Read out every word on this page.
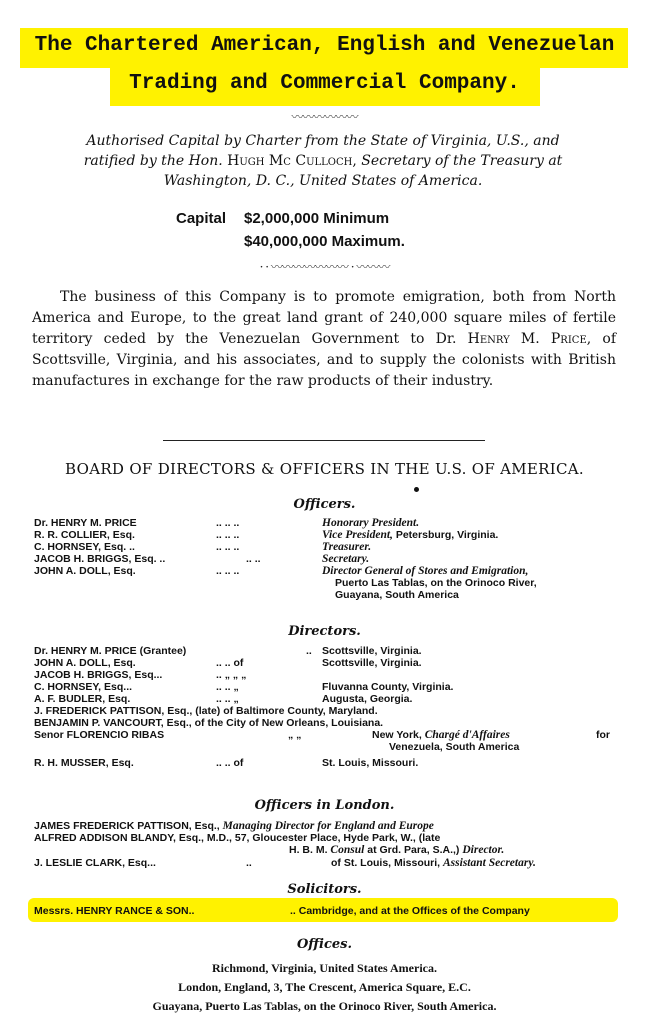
The Chartered American, English and Venezuelan
Trading and Commercial Company.
〰〰〰〰〰〰
Authorised Capital by Charter from the State of Virginia, U.S., and
ratified by the Hon. Hugh Mc Culloch, Secretary of the Treasury at
Washington, D. C., United States of America.
Capital $2,000,000 Minimum
$40,000,000 Maximum.
· · 〰〰〰〰〰〰〰 · 〰〰〰
The business of this Company is to promote emigration, both from North America and Europe, to the great land grant of 240,000 square miles of fertile territory ceded by the Venezuelan Government to Dr. Henry M. Price, of Scottsville, Virginia, and his associates, and to supply the colonists with British manufactures in exchange for the raw products of their industry.
BOARD OF DIRECTORS & OFFICERS IN THE U.S. OF AMERICA.
Officers.
Dr. HENRY M. PRICE	.. .. ..	Honorary President.
R. R. COLLIER, Esq.	.. .. ..	Vice President, Petersburg, Virginia.
C. HORNSEY, Esq. ..	.. .. ..	Treasurer.
JACOB H. BRIGGS, Esq. ..	.. ..	Secretary.
JOHN A. DOLL, Esq.	.. .. ..	Director General of Stores and Emigration,
Puerto Las Tablas, on the Orinoco River,
Guayana, South America
Directors.
Dr. HENRY M. PRICE (Grantee)	.. Scottsville, Virginia.
JOHN A. DOLL, Esq.	.. .. of	Scottsville, Virginia.
JACOB H. BRIGGS, Esq...	.. „ „ „
C. HORNSEY, Esq...	.. .. „	Fluvanna County, Virginia.
A. F. BUDLER, Esq.	.. .. „	Augusta, Georgia.
J. FREDERICK PATTISON, Esq., (late) of Baltimore County, Maryland.
BENJAMIN P. VANCOURT, Esq., of the City of New Orleans, Louisiana.
Senor FLORENCIO RIBAS	„ „	New York, Chargé d'Affaires	for
Venezuela, South America
R. H. MUSSER, Esq.	.. .. of	St. Louis, Missouri.
Officers in London.
JAMES FREDERICK PATTISON, Esq., Managing Director for England and Europe
ALFRED ADDISON BLANDY, Esq., M.D., 57, Gloucester Place, Hyde Park, W., (late
H. B. M. Consul at Grd. Para, S.A.,) Director.
J. LESLIE CLARK, Esq...	..	of St. Louis, Missouri, Assistant Secretary.
Solicitors.
Messrs. HENRY RANCE & SON..	.. Cambridge, and at the Offices of the Company
Offices.
Richmond, Virginia, United States America.
London, England, 3, The Crescent, America Square, E.C.
Guayana, Puerto Las Tablas, on the Orinoco River, South America.
